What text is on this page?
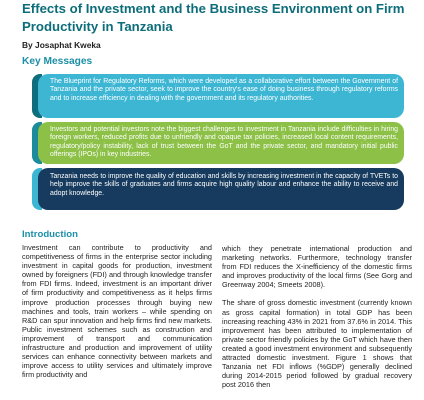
Effects of Investment and the Business Environment on Firm Productivity in Tanzania
By Josaphat Kweka
Key Messages
The Blueprint for Regulatory Reforms, which were developed as a collaborative effort between the Government of Tanzania and the private sector, seek to improve the country's ease of doing business through regulatory reforms and to increase efficiency in dealing with the government and its regulatory authorities.
Investors and potential investors note the biggest challenges to investment in Tanzania include difficulties in hiring foreign workers, reduced profits due to unfriendly and opaque tax policies, increased local content requirements, regulatory/policy instability, lack of trust between the GoT and the private sector, and mandatory initial public offerings (IPOs) in key industries.
Tanzania needs to improve the quality of education and skills by increasing investment in the capacity of TVETs to help improve the skills of graduates and firms acquire high quality labour and enhance the ability to receive and adopt knowledge.
Introduction

Investment can contribute to productivity and competitiveness of firms in the enterprise sector including investment in capital goods for production, investment owned by foreigners (FDI) and through knowledge transfer from FDI firms. Indeed, investment is an important driver of firm productivity and competitiveness as it helps firms improve production processes through buying new machines and tools, train workers – while spending on R&D can spur innovation and help firms find new markets. Public investment schemes such as construction and improvement of transport and communication infrastructure and production and improvement of utility services can enhance connectivity between markets and improve access to utility services and ultimately improve firm productivity and

which they penetrate international production and marketing networks. Furthermore, technology transfer from FDI reduces the X-inefficiency of the domestic firms and improves productivity of the local firms (See Gorg and Greenway 2004; Smeets 2008).

The share of gross domestic investment (currently known as gross capital formation) in total GDP has been increasing reaching 43% in 2021 from 37.6% in 2014. This improvement has been attributed to implementation of private sector friendly policies by the GoT which have then created a good investment environment and subsequently attracted domestic investment. Figure 1 shows that Tanzania net FDI inflows (%GDP) generally declined during 2014-2015 period followed by gradual recovery post 2016 then
